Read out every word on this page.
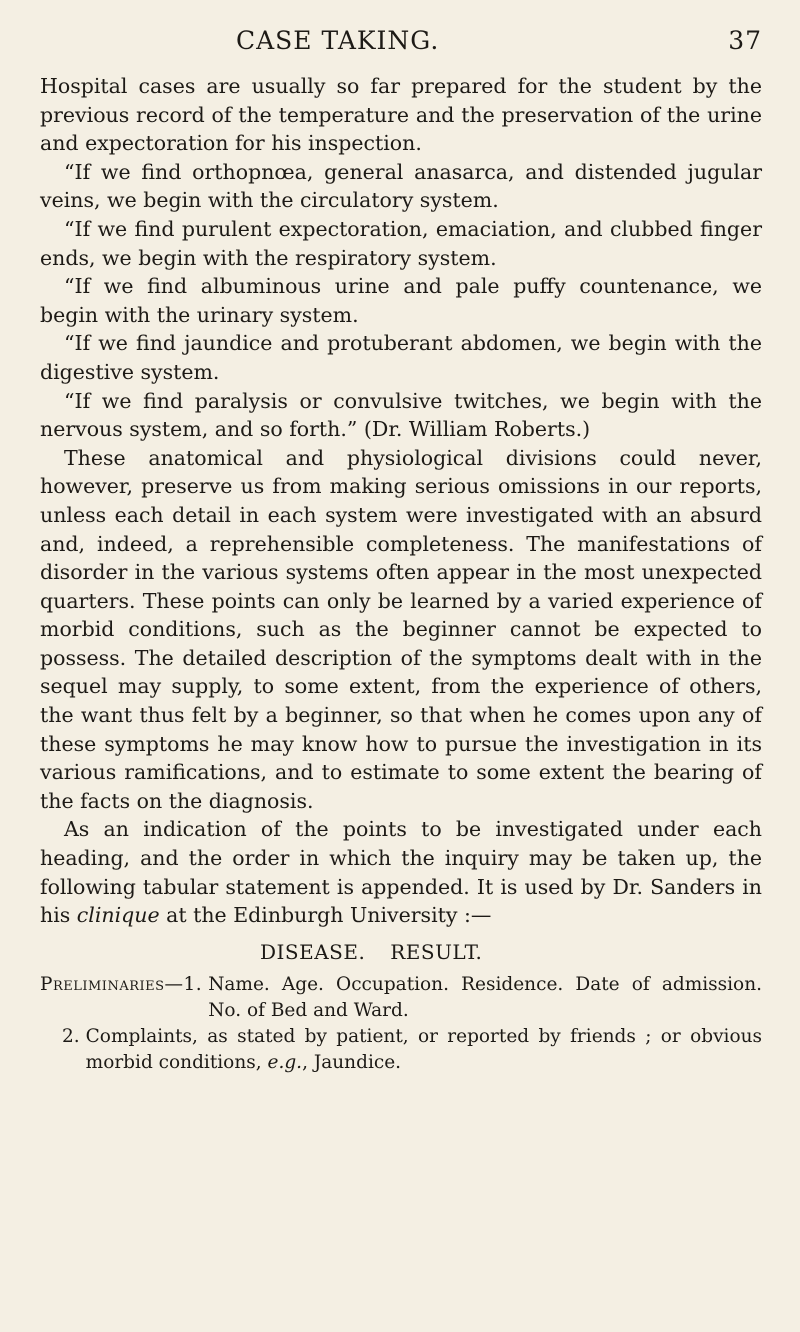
CASE TAKING.	37

Hospital cases are usually so far prepared for the student by the previous record of the temperature and the preservation of the urine and expectoration for his inspection.

“If we find orthopnœa, general anasarca, and distended jugular veins, we begin with the circulatory system.

“If we find purulent expectoration, emaciation, and clubbed finger ends, we begin with the respiratory system.

“If we find albuminous urine and pale puffy countenance, we begin with the urinary system.

“If we find jaundice and protuberant abdomen, we begin with the digestive system.

“If we find paralysis or convulsive twitches, we begin with the nervous system, and so forth.” (Dr. William Roberts.)

These anatomical and physiological divisions could never, however, preserve us from making serious omissions in our reports, unless each detail in each system were investigated with an absurd and, indeed, a reprehensible completeness. The manifestations of disorder in the various systems often appear in the most unexpected quarters. These points can only be learned by a varied experience of morbid conditions, such as the beginner cannot be expected to possess. The detailed description of the symptoms dealt with in the sequel may supply, to some extent, from the experience of others, the want thus felt by a beginner, so that when he comes upon any of these symptoms he may know how to pursue the investigation in its various ramifications, and to estimate to some extent the bearing of the facts on the diagnosis.

As an indication of the points to be investigated under each heading, and the order in which the inquiry may be taken up, the following tabular statement is appended. It is used by Dr. Sanders in his clinique at the Edinburgh University :—

DISEASE. RESULT.
Preliminaries—1. Name. Age. Occupation. Residence. Date of admission. No. of Bed and Ward.
2. Complaints, as stated by patient, or reported by friends ; or obvious morbid conditions, e.g., Jaundice.
